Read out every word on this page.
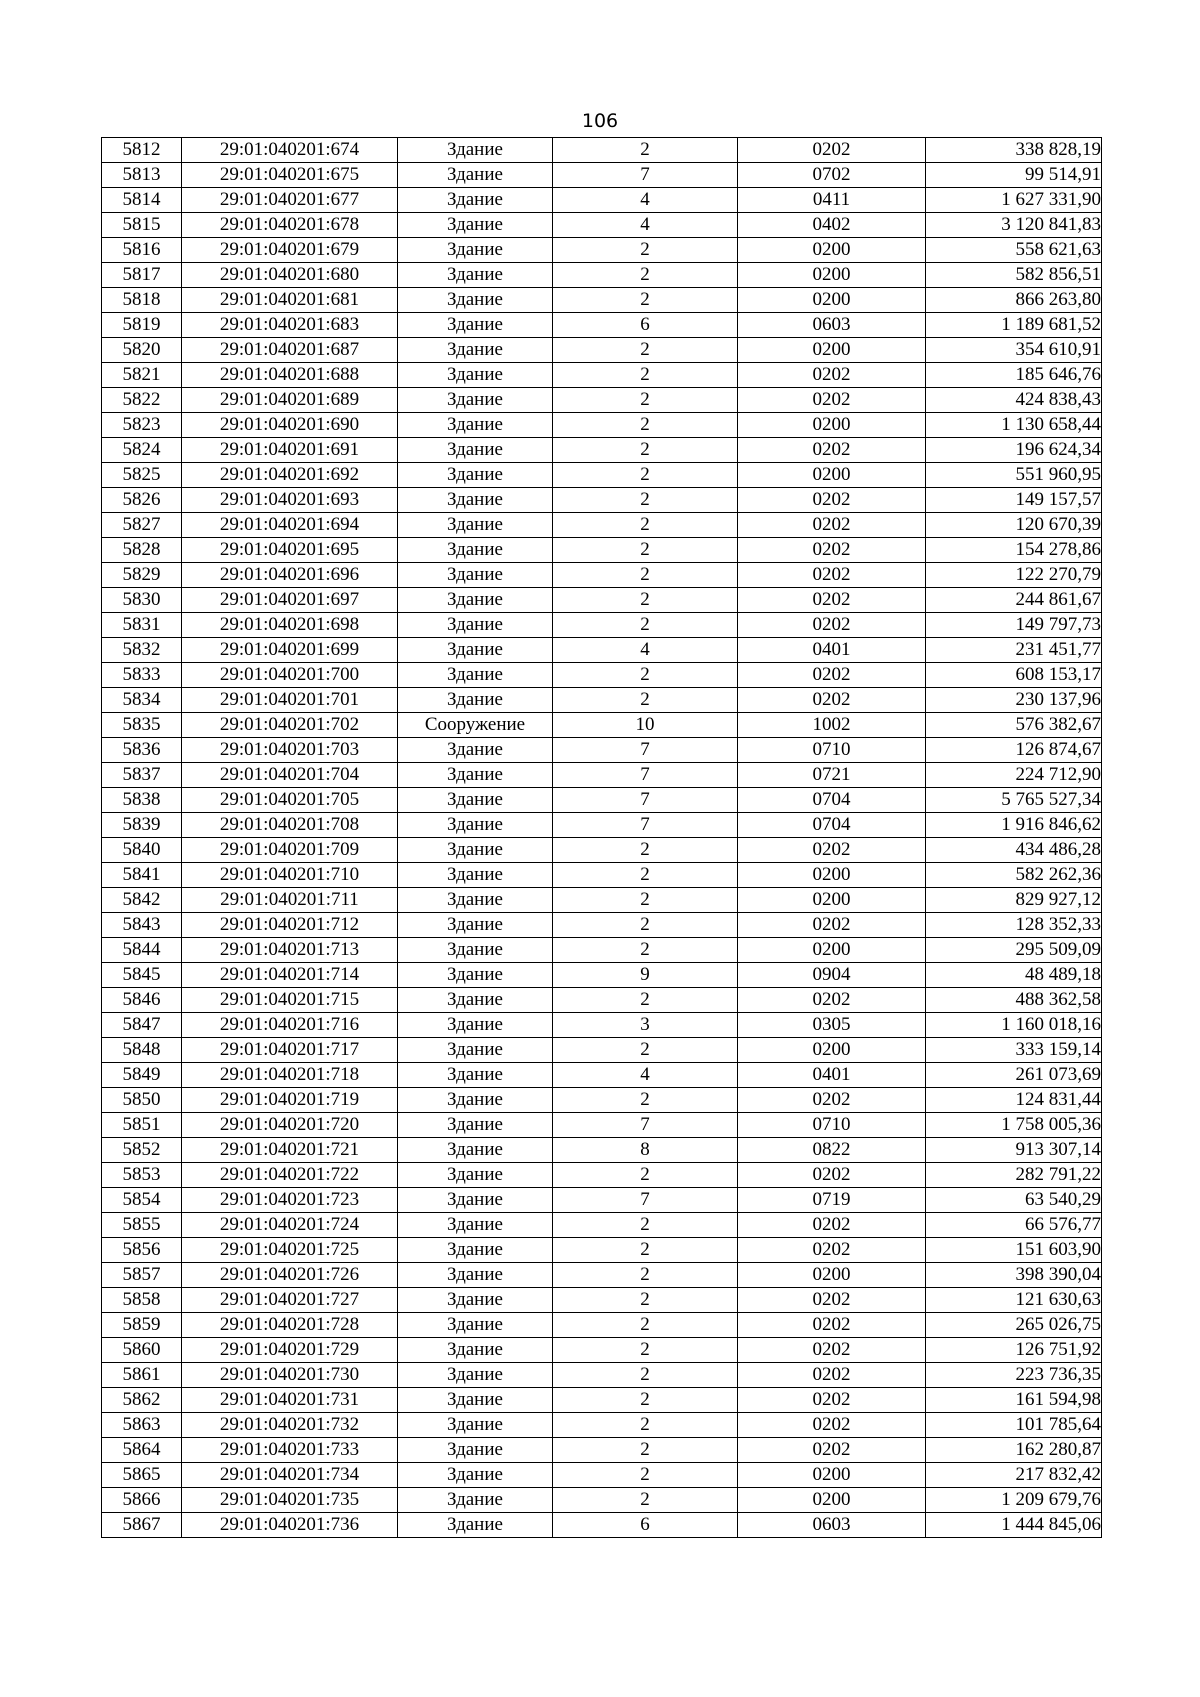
106
5812	29:01:040201:674	Здание	2	0202	338 828,19
5813	29:01:040201:675	Здание	7	0702	99 514,91
5814	29:01:040201:677	Здание	4	0411	1 627 331,90
5815	29:01:040201:678	Здание	4	0402	3 120 841,83
5816	29:01:040201:679	Здание	2	0200	558 621,63
5817	29:01:040201:680	Здание	2	0200	582 856,51
5818	29:01:040201:681	Здание	2	0200	866 263,80
5819	29:01:040201:683	Здание	6	0603	1 189 681,52
5820	29:01:040201:687	Здание	2	0200	354 610,91
5821	29:01:040201:688	Здание	2	0202	185 646,76
5822	29:01:040201:689	Здание	2	0202	424 838,43
5823	29:01:040201:690	Здание	2	0200	1 130 658,44
5824	29:01:040201:691	Здание	2	0202	196 624,34
5825	29:01:040201:692	Здание	2	0200	551 960,95
5826	29:01:040201:693	Здание	2	0202	149 157,57
5827	29:01:040201:694	Здание	2	0202	120 670,39
5828	29:01:040201:695	Здание	2	0202	154 278,86
5829	29:01:040201:696	Здание	2	0202	122 270,79
5830	29:01:040201:697	Здание	2	0202	244 861,67
5831	29:01:040201:698	Здание	2	0202	149 797,73
5832	29:01:040201:699	Здание	4	0401	231 451,77
5833	29:01:040201:700	Здание	2	0202	608 153,17
5834	29:01:040201:701	Здание	2	0202	230 137,96
5835	29:01:040201:702	Сооружение	10	1002	576 382,67
5836	29:01:040201:703	Здание	7	0710	126 874,67
5837	29:01:040201:704	Здание	7	0721	224 712,90
5838	29:01:040201:705	Здание	7	0704	5 765 527,34
5839	29:01:040201:708	Здание	7	0704	1 916 846,62
5840	29:01:040201:709	Здание	2	0202	434 486,28
5841	29:01:040201:710	Здание	2	0200	582 262,36
5842	29:01:040201:711	Здание	2	0200	829 927,12
5843	29:01:040201:712	Здание	2	0202	128 352,33
5844	29:01:040201:713	Здание	2	0200	295 509,09
5845	29:01:040201:714	Здание	9	0904	48 489,18
5846	29:01:040201:715	Здание	2	0202	488 362,58
5847	29:01:040201:716	Здание	3	0305	1 160 018,16
5848	29:01:040201:717	Здание	2	0200	333 159,14
5849	29:01:040201:718	Здание	4	0401	261 073,69
5850	29:01:040201:719	Здание	2	0202	124 831,44
5851	29:01:040201:720	Здание	7	0710	1 758 005,36
5852	29:01:040201:721	Здание	8	0822	913 307,14
5853	29:01:040201:722	Здание	2	0202	282 791,22
5854	29:01:040201:723	Здание	7	0719	63 540,29
5855	29:01:040201:724	Здание	2	0202	66 576,77
5856	29:01:040201:725	Здание	2	0202	151 603,90
5857	29:01:040201:726	Здание	2	0200	398 390,04
5858	29:01:040201:727	Здание	2	0202	121 630,63
5859	29:01:040201:728	Здание	2	0202	265 026,75
5860	29:01:040201:729	Здание	2	0202	126 751,92
5861	29:01:040201:730	Здание	2	0202	223 736,35
5862	29:01:040201:731	Здание	2	0202	161 594,98
5863	29:01:040201:732	Здание	2	0202	101 785,64
5864	29:01:040201:733	Здание	2	0202	162 280,87
5865	29:01:040201:734	Здание	2	0200	217 832,42
5866	29:01:040201:735	Здание	2	0200	1 209 679,76
5867	29:01:040201:736	Здание	6	0603	1 444 845,06
